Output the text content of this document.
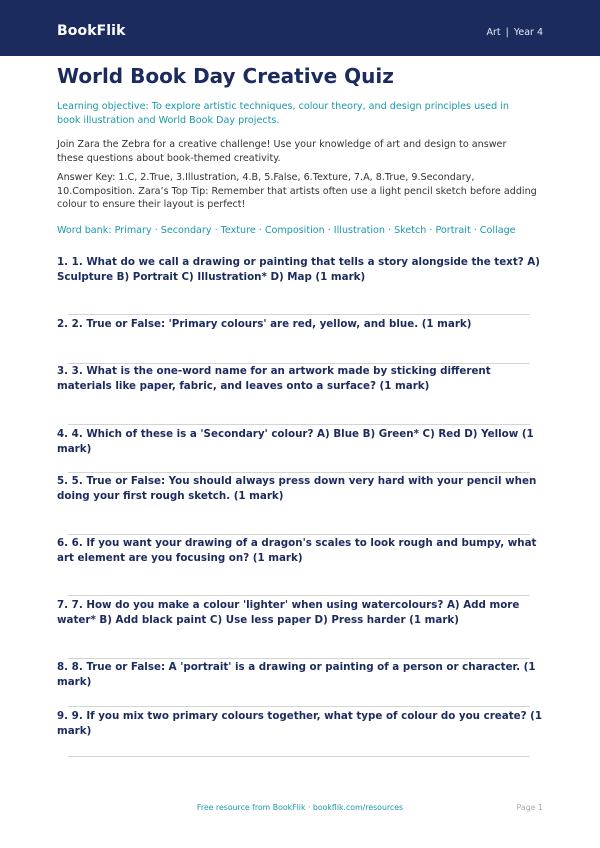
BookFlik	Art | Year 4
World Book Day Creative Quiz
Learning objective: To explore artistic techniques, colour theory, and design principles used in book illustration and World Book Day projects.
Join Zara the Zebra for a creative challenge! Use your knowledge of art and design to answer these questions about book-themed creativity.
Answer Key: 1.C, 2.True, 3.Illustration, 4.B, 5.False, 6.Texture, 7.A, 8.True, 9.Secondary, 10.Composition. Zara’s Top Tip: Remember that artists often use a light pencil sketch before adding colour to ensure their layout is perfect!
Word bank: Primary · Secondary · Texture · Composition · Illustration · Sketch · Portrait · Collage
1. 1. What do we call a drawing or painting that tells a story alongside the text? A) Sculpture B) Portrait C) Illustration* D) Map (1 mark)
2. 2. True or False: 'Primary colours' are red, yellow, and blue. (1 mark)
3. 3. What is the one-word name for an artwork made by sticking different materials like paper, fabric, and leaves onto a surface? (1 mark)
4. 4. Which of these is a 'Secondary' colour? A) Blue B) Green* C) Red D) Yellow (1 mark)
5. 5. True or False: You should always press down very hard with your pencil when doing your first rough sketch. (1 mark)
6. 6. If you want your drawing of a dragon's scales to look rough and bumpy, what art element are you focusing on? (1 mark)
7. 7. How do you make a colour 'lighter' when using watercolours? A) Add more water* B) Add black paint C) Use less paper D) Press harder (1 mark)
8. 8. True or False: A 'portrait' is a drawing or painting of a person or character. (1 mark)
9. 9. If you mix two primary colours together, what type of colour do you create? (1 mark)
Free resource from BookFlik · bookflik.com/resources	Page 1
